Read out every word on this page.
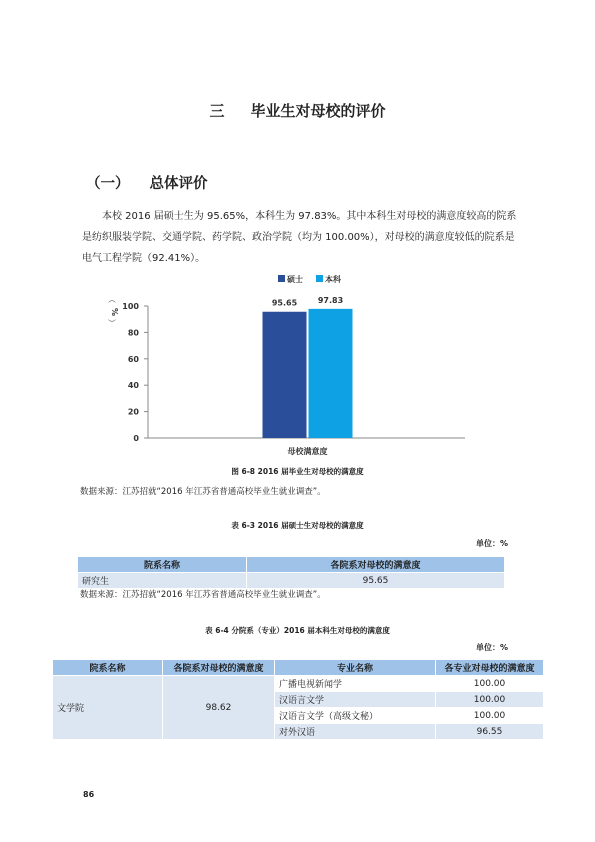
三 毕业生对母校的评价
（一） 总体评价
本校 2016 届硕士生为 95.65%，本科生为 97.83%。其中本科生对母校的满意度较高的院系是纺织服装学院、交通学院、药学院、政治学院（均为 100.00%），对母校的满意度较低的院系是电气工程学院（92.41%）。
0
20
40
60
80
100
%
︵
︶
95.65	97.83
母校满意度
硕士	本科
图 6-8 2016 届毕业生对母校的满意度
数据来源：江苏招就“2016 年江苏省普通高校毕业生就业调查”。
表 6-3 2016 届硕士生对母校的满意度
单位：%
院系名称	各院系对母校的满意度
研究生	95.65
数据来源：江苏招就“2016 年江苏省普通高校毕业生就业调查”。
表 6-4 分院系（专业）2016 届本科生对母校的满意度
单位：%
院系名称	各院系对母校的满意度	专业名称	各专业对母校的满意度
文学院	98.62	广播电视新闻学	100.00
		汉语言文学	100.00
		汉语言文学（高级文秘）	100.00
		对外汉语	96.55
86
